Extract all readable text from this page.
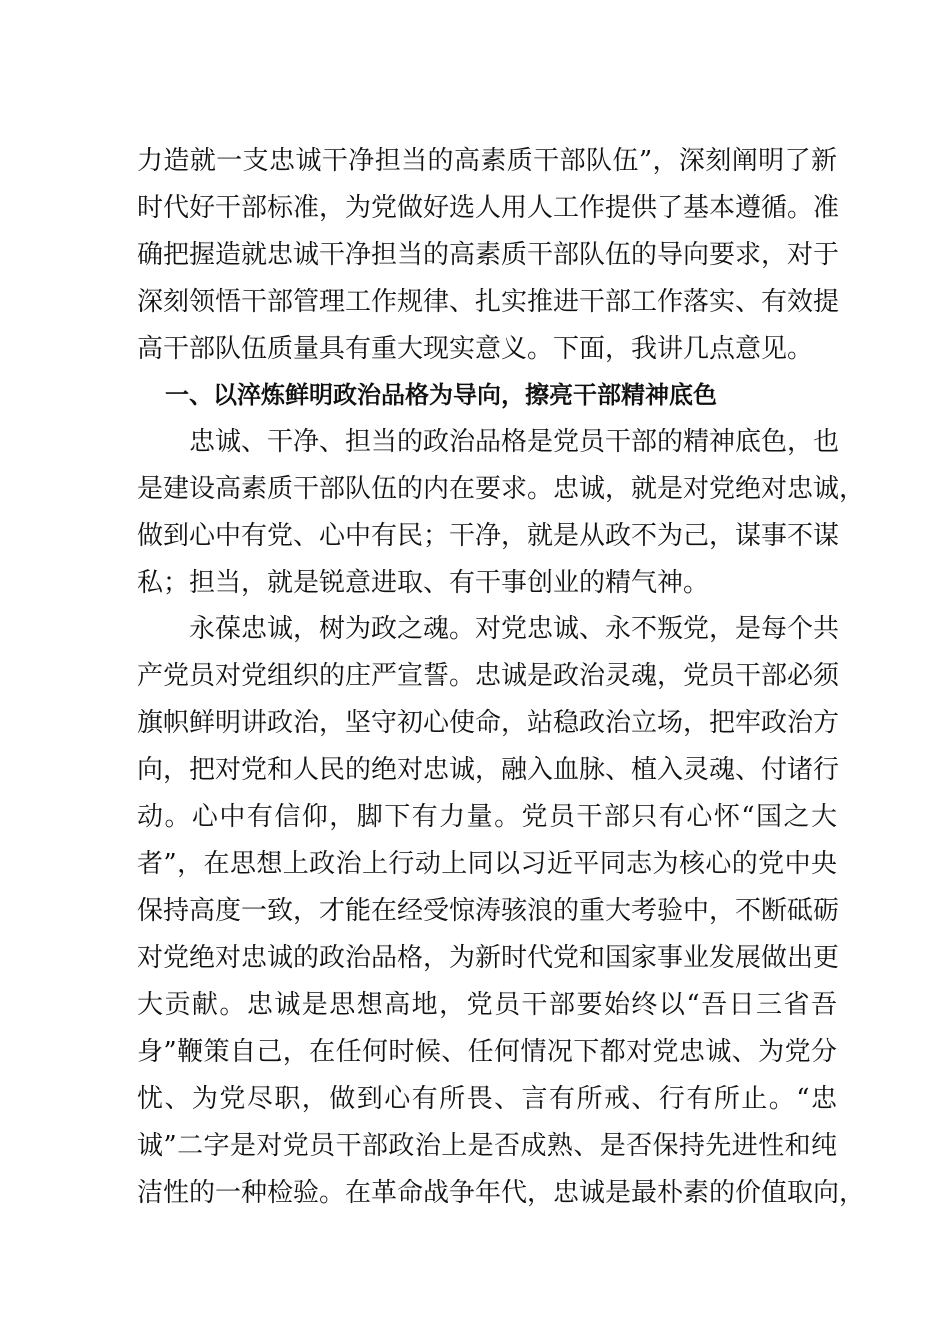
力造就一支忠诚干净担当的高素质干部队伍”，深刻阐明了新
时代好干部标准，为党做好选人用人工作提供了基本遵循。准
确把握造就忠诚干净担当的高素质干部队伍的导向要求，对于
深刻领悟干部管理工作规律、扎实推进干部工作落实、有效提
高干部队伍质量具有重大现实意义。下面，我讲几点意见。
一、以淬炼鲜明政治品格为导向，擦亮干部精神底色
忠诚、干净、担当的政治品格是党员干部的精神底色，也
是建设高素质干部队伍的内在要求。忠诚，就是对党绝对忠诚，
做到心中有党、心中有民；干净，就是从政不为己，谋事不谋
私；担当，就是锐意进取、有干事创业的精气神。
永葆忠诚，树为政之魂。对党忠诚、永不叛党，是每个共
产党员对党组织的庄严宣誓。忠诚是政治灵魂，党员干部必须
旗帜鲜明讲政治，坚守初心使命，站稳政治立场，把牢政治方
向，把对党和人民的绝对忠诚，融入血脉、植入灵魂、付诸行
动。心中有信仰，脚下有力量。党员干部只有心怀“国之大
者”，在思想上政治上行动上同以习近平同志为核心的党中央
保持高度一致，才能在经受惊涛骇浪的重大考验中，不断砥砺
对党绝对忠诚的政治品格，为新时代党和国家事业发展做出更
大贡献。忠诚是思想高地，党员干部要始终以“吾日三省吾
身”鞭策自己，在任何时候、任何情况下都对党忠诚、为党分
忧、为党尽职，做到心有所畏、言有所戒、行有所止。“忠
诚”二字是对党员干部政治上是否成熟、是否保持先进性和纯
洁性的一种检验。在革命战争年代，忠诚是最朴素的价值取向，
